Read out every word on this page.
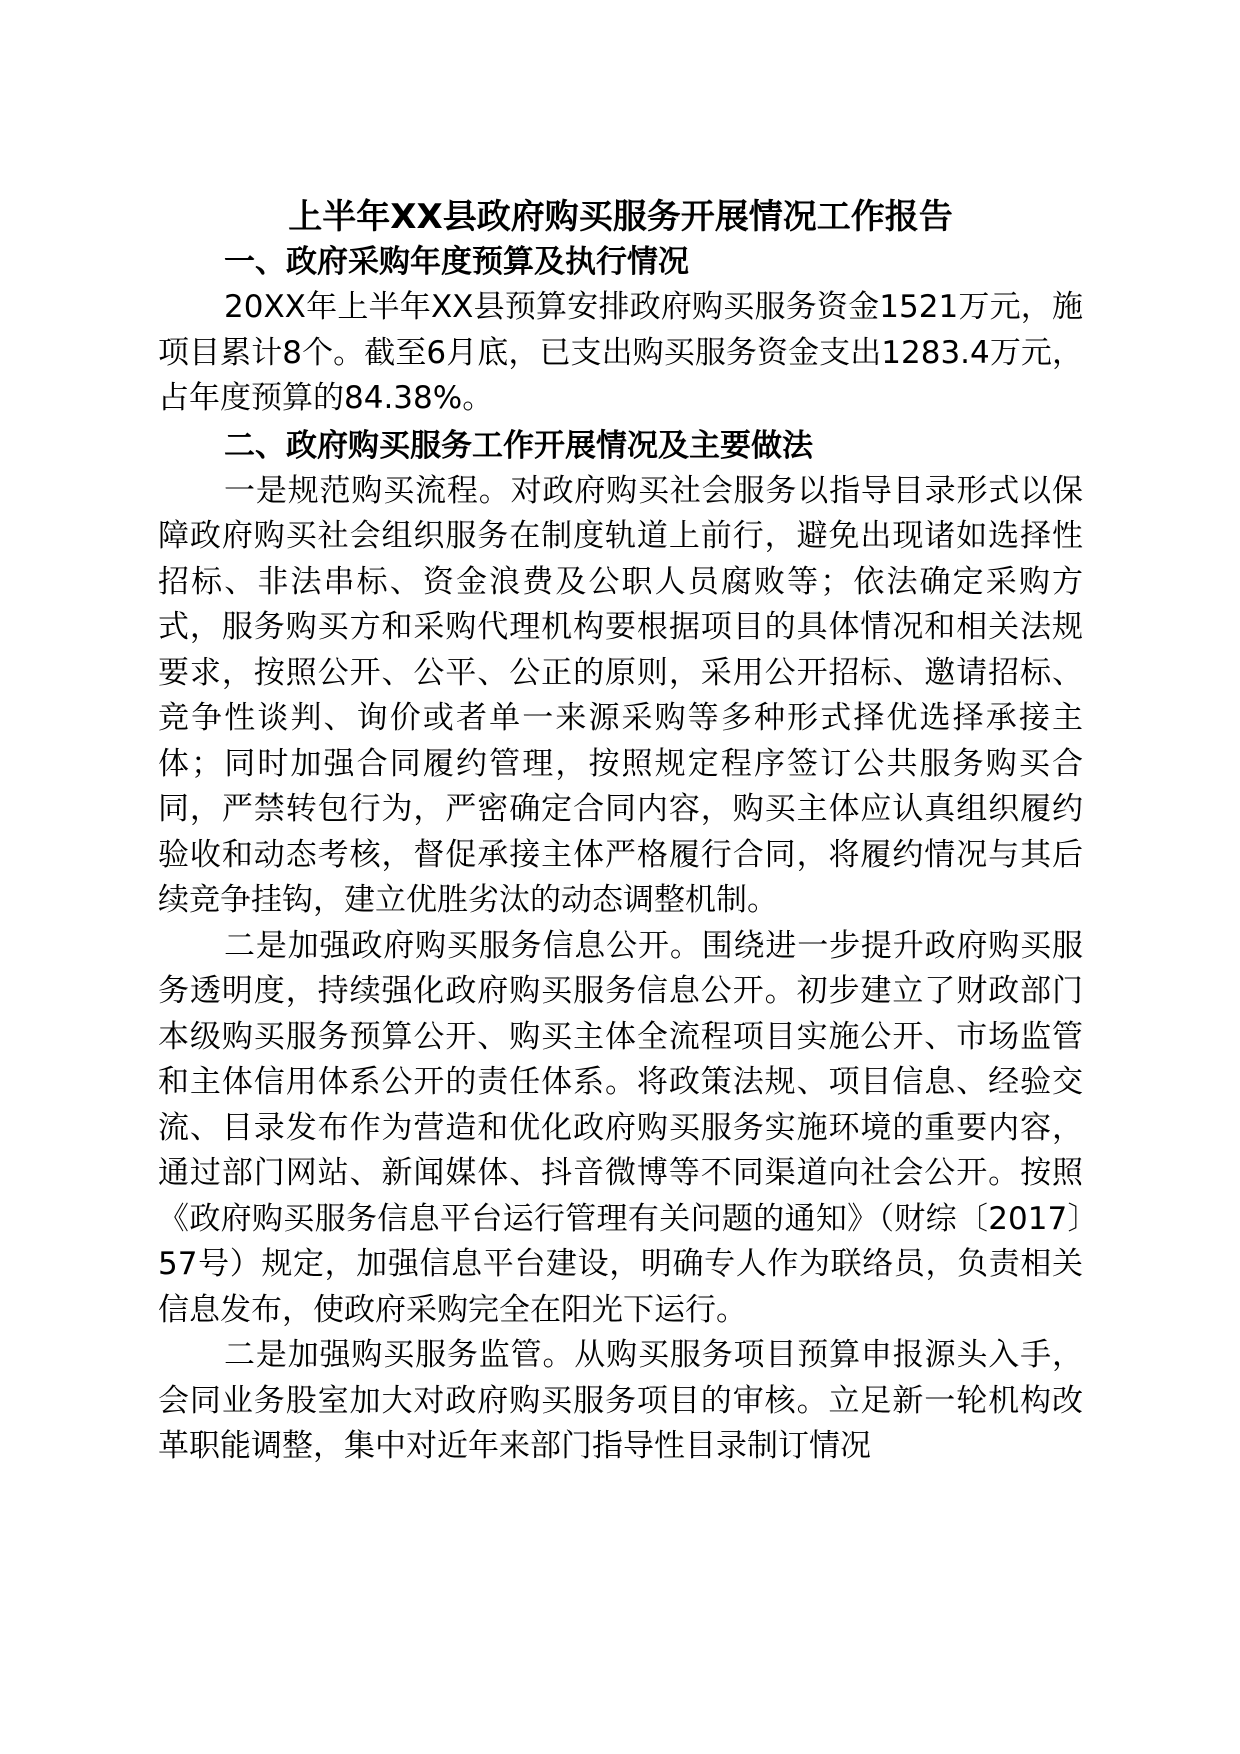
上半年XX县政府购买服务开展情况工作报告
一、政府采购年度预算及执行情况

20XX年上半年XX县预算安排政府购买服务资金1521万元，施项目累计8个。截至6月底，已支出购买服务资金支出1283.4万元，占年度预算的84.38%。

二、政府购买服务工作开展情况及主要做法

一是规范购买流程。对政府购买社会服务以指导目录形式以保障政府购买社会组织服务在制度轨道上前行，避免出现诸如选择性招标、非法串标、资金浪费及公职人员腐败等；依法确定采购方式，服务购买方和采购代理机构要根据项目的具体情况和相关法规要求，按照公开、公平、公正的原则，采用公开招标、邀请招标、竞争性谈判、询价或者单一来源采购等多种形式择优选择承接主体；同时加强合同履约管理，按照规定程序签订公共服务购买合同，严禁转包行为，严密确定合同内容，购买主体应认真组织履约验收和动态考核，督促承接主体严格履行合同，将履约情况与其后续竞争挂钩，建立优胜劣汰的动态调整机制。

二是加强政府购买服务信息公开。围绕进一步提升政府购买服务透明度，持续强化政府购买服务信息公开。初步建立了财政部门本级购买服务预算公开、购买主体全流程项目实施公开、市场监管和主体信用体系公开的责任体系。将政策法规、项目信息、经验交流、目录发布作为营造和优化政府购买服务实施环境的重要内容，通过部门网站、新闻媒体、抖音微博等不同渠道向社会公开。按照《政府购买服务信息平台运行管理有关问题的通知》（财综〔2017〕57号）规定，加强信息平台建设，明确专人作为联络员，负责相关信息发布，使政府采购完全在阳光下运行。

二是加强购买服务监管。从购买服务项目预算申报源头入手，会同业务股室加大对政府购买服务项目的审核。立足新一轮机构改革职能调整，集中对近年来部门指导性目录制订情况
